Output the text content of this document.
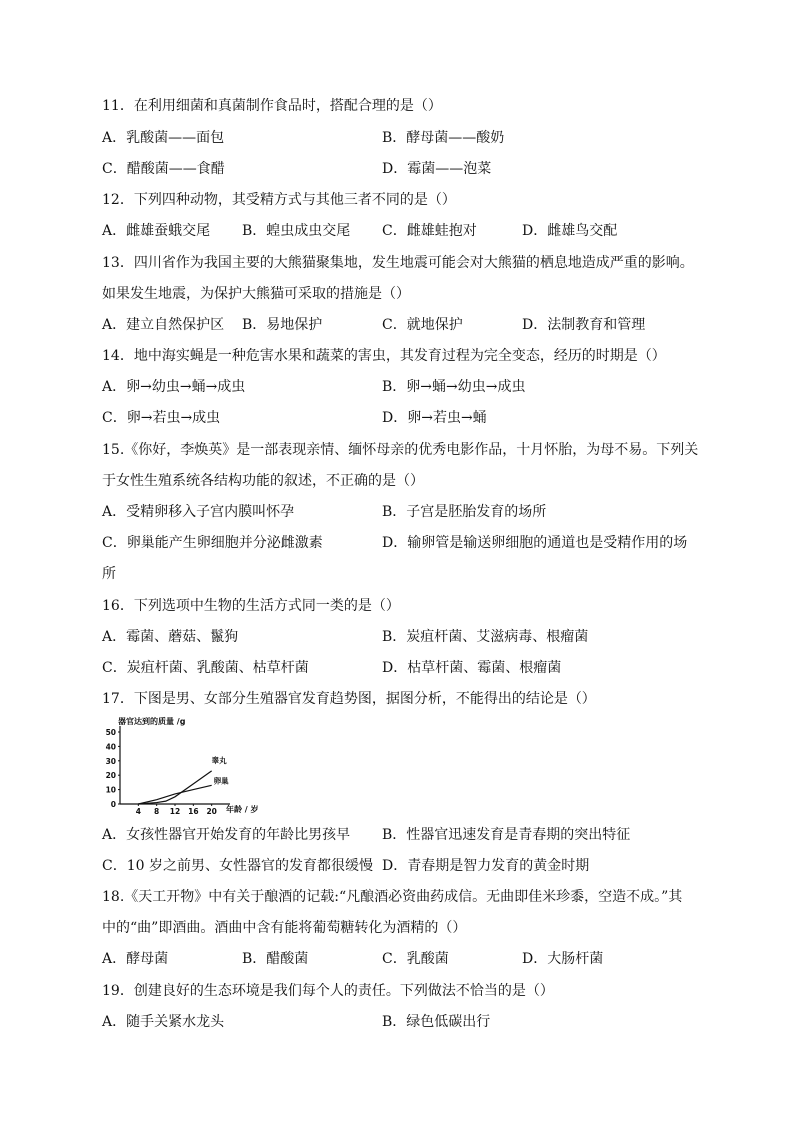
11．在利用细菌和真菌制作食品时，搭配合理的是（）
A．乳酸菌——面包	B．酵母菌——酸奶
C．醋酸菌——食醋	D．霉菌——泡菜
12．下列四种动物，其受精方式与其他三者不同的是（）
A．雌雄蚕蛾交尾 B．蝗虫成虫交尾 C．雌雄蛙抱对	D．雌雄鸟交配
13．四川省作为我国主要的大熊猫聚集地，发生地震可能会对大熊猫的栖息地造成严重的影响。
如果发生地震，为保护大熊猫可采取的措施是（）
A．建立自然保护区 B．易地保护	C．就地保护	D．法制教育和管理
14．地中海实蝇是一种危害水果和蔬菜的害虫，其发育过程为完全变态，经历的时期是（）
A．卵→幼虫→蛹→成虫	B．卵→蛹→幼虫→成虫
C．卵→若虫→成虫	D．卵→若虫→蛹
15.《你好，李焕英》是一部表现亲情、缅怀母亲的优秀电影作品，十月怀胎，为母不易。下列关
于女性生殖系统各结构功能的叙述，不正确的是（）
A．受精卵移入子宫内膜叫怀孕	B．子宫是胚胎发育的场所
C．卵巢能产生卵细胞并分泌雌激素	D．输卵管是输送卵细胞的通道也是受精作用的场
所
16．下列选项中生物的生活方式同一类的是（）
A．霉菌、蘑菇、鬣狗	B．炭疽杆菌、艾滋病毒、根瘤菌
C．炭疽杆菌、乳酸菌、枯草杆菌	D．枯草杆菌、霉菌、根瘤菌
17．下图是男、女部分生殖器官发育趋势图，据图分析，不能得出的结论是（）
器官达到的质量 /g
50
40
30
20
10
0
4 8 12 16 20
睾丸
卵巢
年龄 / 岁
A．女孩性器官开始发育的年龄比男孩早 B．性器官迅速发育是青春期的突出特征
C．10 岁之前男、女性器官的发育都很缓慢 D．青春期是智力发育的黄金时期
18.《天工开物》中有关于酿酒的记载:“凡酿酒必资曲药成信。无曲即佳米珍黍，空造不成。”其
中的“曲”即酒曲。酒曲中含有能将葡萄糖转化为酒精的（）
A．酵母菌	B．醋酸菌	C．乳酸菌	D．大肠杆菌
19．创建良好的生态环境是我们每个人的责任。下列做法不恰当的是（）
A．随手关紧水龙头	B．绿色低碳出行
